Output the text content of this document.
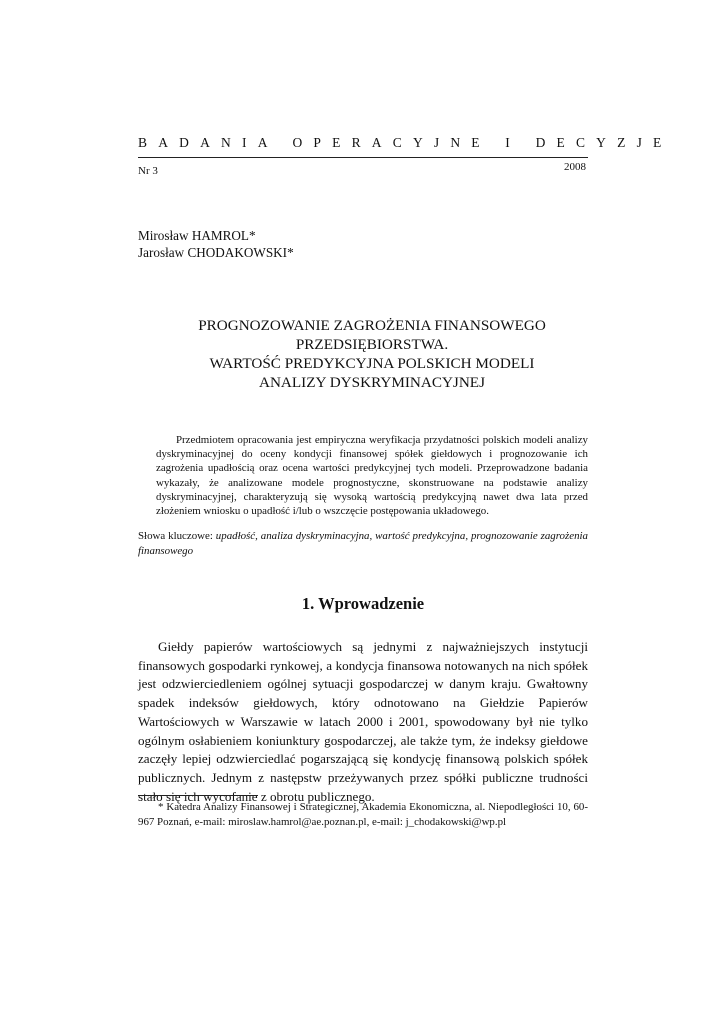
BADANIA OPERACYJNE I DECYZJE
Nr 3	2008
Mirosław HAMROL*
Jarosław CHODAKOWSKI*
PROGNOZOWANIE ZAGROŻENIA FINANSOWEGO
PRZEDSIĘBIORSTWA.
WARTOŚĆ PREDYKCYJNA POLSKICH MODELI
ANALIZY DYSKRYMINACYJNEJ
Przedmiotem opracowania jest empiryczna weryfikacja przydatności polskich modeli analizy dyskryminacyjnej do oceny kondycji finansowej spółek giełdowych i prognozowanie ich zagrożenia upadłością oraz ocena wartości predykcyjnej tych modeli. Przeprowadzone badania wykazały, że analizowane modele prognostyczne, skonstruowane na podstawie analizy dyskryminacyjnej, charakteryzują się wysoką wartością predykcyjną nawet dwa lata przed złożeniem wniosku o upadłość i/lub o wszczęcie postępowania układowego.
Słowa kluczowe: upadłość, analiza dyskryminacyjna, wartość predykcyjna, prognozowanie zagrożenia finansowego
1. Wprowadzenie
Giełdy papierów wartościowych są jednymi z najważniejszych instytucji finansowych gospodarki rynkowej, a kondycja finansowa notowanych na nich spółek jest odzwierciedleniem ogólnej sytuacji gospodarczej w danym kraju. Gwałtowny spadek indeksów giełdowych, który odnotowano na Giełdzie Papierów Wartościowych w Warszawie w latach 2000 i 2001, spowodowany był nie tylko ogólnym osłabieniem koniunktury gospodarczej, ale także tym, że indeksy giełdowe zaczęły lepiej odzwierciedlać pogarszającą się kondycję finansową polskich spółek publicznych. Jednym z następstw przeżywanych przez spółki publiczne trudności stało się ich wycofanie z obrotu publicznego.
* Katedra Analizy Finansowej i Strategicznej, Akademia Ekonomiczna, al. Niepodległości 10, 60-967 Poznań, e-mail: miroslaw.hamrol@ae.poznan.pl, e-mail: j_chodakowski@wp.pl
